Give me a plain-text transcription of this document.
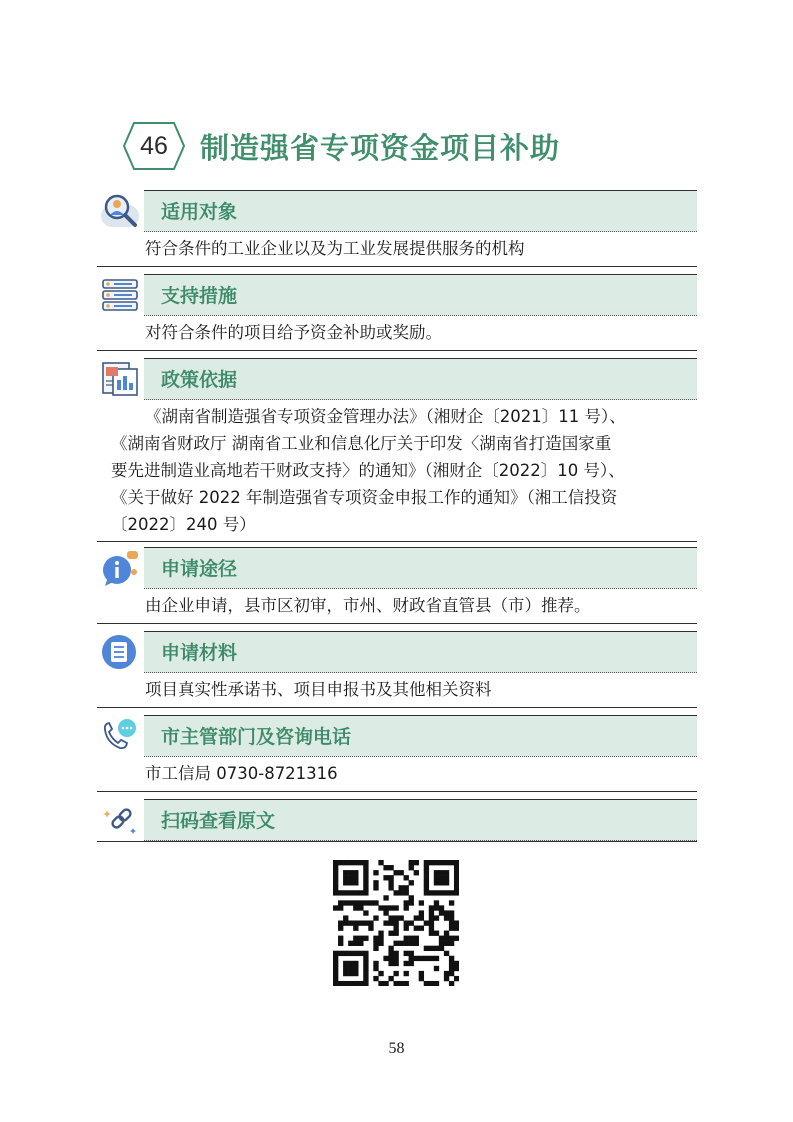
46	制造强省专项资金项目补助
适用对象

符合条件的工业企业以及为工业发展提供服务的机构

支持措施

对符合条件的项目给予资金补助或奖励。

政策依据

《湖南省制造强省专项资金管理办法》（湘财企〔2021〕11 号）、

《湖南省财政厅 湖南省工业和信息化厅关于印发〈湖南省打造国家重

要先进制造业高地若干财政支持〉的通知》（湘财企〔2022〕10 号）、

《关于做好 2022 年制造强省专项资金申报工作的通知》（湘工信投资

〔2022〕240 号）

申请途径

由企业申请，县市区初审，市州、财政省直管县（市）推荐。

申请材料

项目真实性承诺书、项目申报书及其他相关资料

市主管部门及咨询电话

市工信局 0730-8721316

扫码查看原文
58
